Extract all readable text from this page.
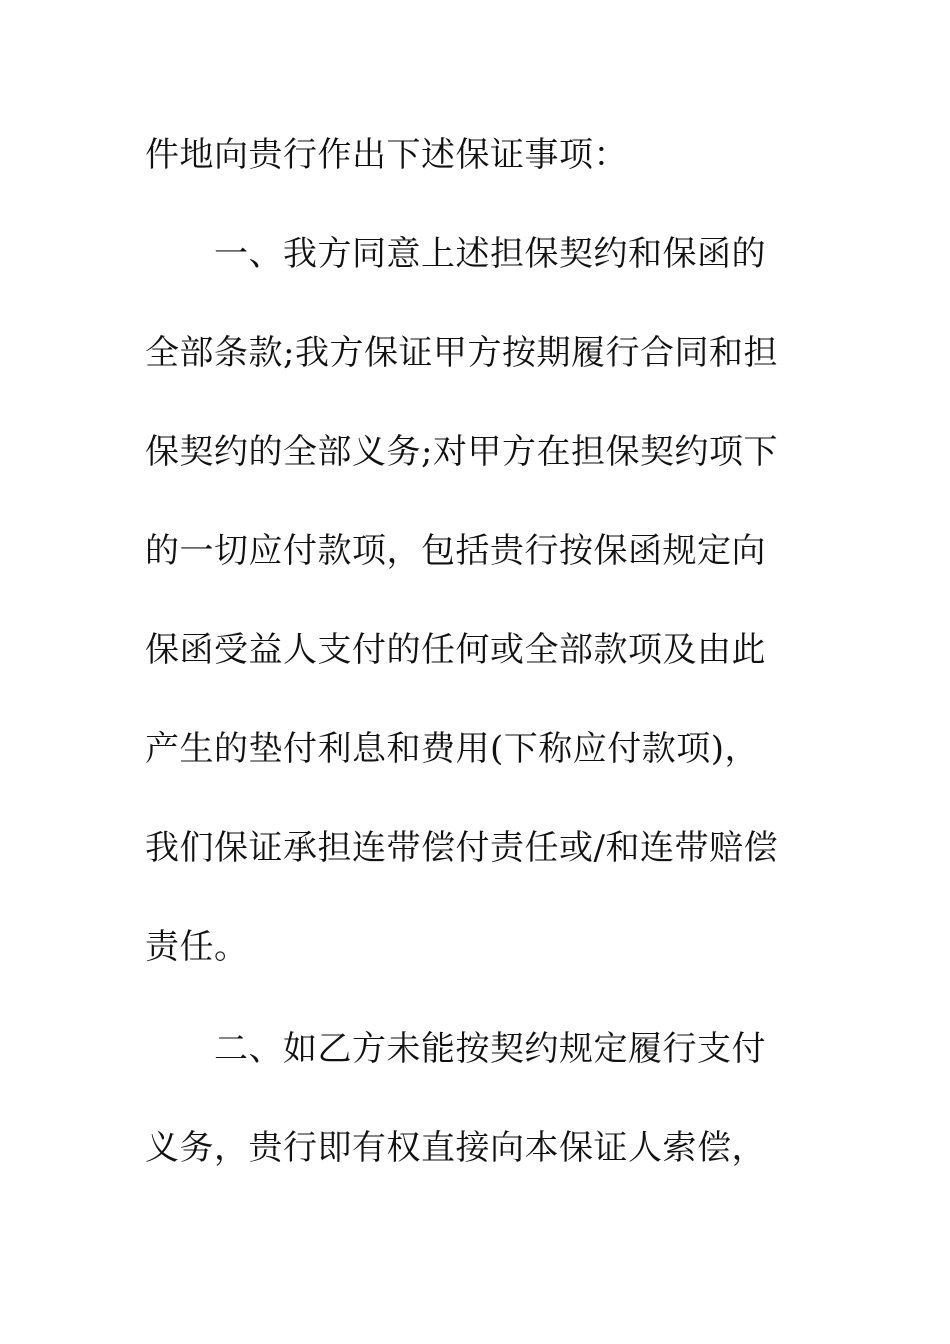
件地向贵行作出下述保证事项：
一、我方同意上述担保契约和保函的
全部条款;我方保证甲方按期履行合同和担
保契约的全部义务;对甲方在担保契约项下
的一切应付款项，包括贵行按保函规定向
保函受益人支付的任何或全部款项及由此
产生的垫付利息和费用(下称应付款项)，
我们保证承担连带偿付责任或/和连带赔偿
责任。
二、如乙方未能按契约规定履行支付
义务，贵行即有权直接向本保证人索偿，
